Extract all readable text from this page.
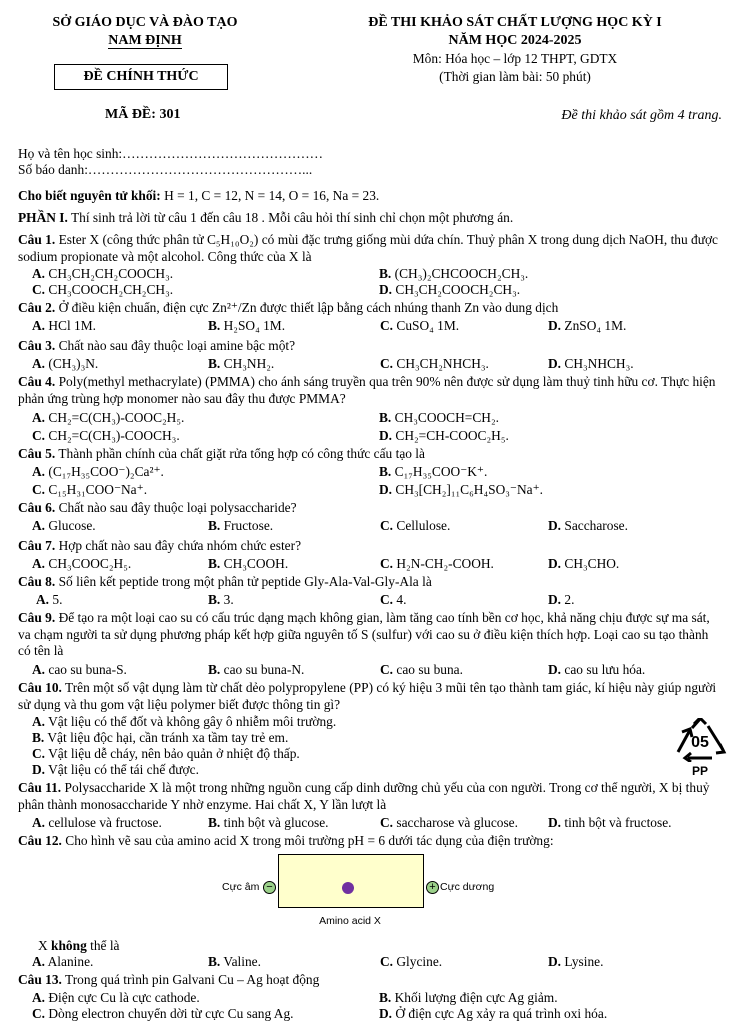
SỞ GIÁO DỤC VÀ ĐÀO TẠO
NAM ĐỊNH
ĐỀ CHÍNH THỨC
ĐỀ THI KHẢO SÁT CHẤT LƯỢNG HỌC KỲ I
NĂM HỌC 2024-2025
Môn: Hóa học – lớp 12 THPT, GDTX
(Thời gian làm bài: 50 phút)
MÃ ĐỀ: 301	Đề thi khảo sát gồm 4 trang.
Họ và tên học sinh:………………………………………
Số báo danh:…………………………………………...
Cho biết nguyên tử khối: H = 1, C = 12, N = 14, O = 16, Na = 23.
PHẦN I. Thí sinh trả lời từ câu 1 đến câu 18 . Mỗi câu hỏi thí sinh chỉ chọn một phương án.
Câu 1. Ester X (công thức phân tử C₅H₁₀O₂) có mùi đặc trưng giống mùi dứa chín. Thuỷ phân X trong dung dịch NaOH, thu được sodium propionate và một alcohol. Công thức của X là
A. CH₃CH₂CH₂COOCH₃.	B. (CH₃)₂CHCOOCH₂CH₃.
C. CH₃COOCH₂CH₂CH₃.	D. CH₃CH₂COOCH₂CH₃.
Câu 2. Ở điều kiện chuẩn, điện cực Zn²⁺/Zn được thiết lập bằng cách nhúng thanh Zn vào dung dịch
A. HCl 1M.	B. H₂SO₄ 1M.	C. CuSO₄ 1M.	D. ZnSO₄ 1M.
Câu 3. Chất nào sau đây thuộc loại amine bậc một?
A. (CH₃)₃N.	B. CH₃NH₂.	C. CH₃CH₂NHCH₃.	D. CH₃NHCH₃.
Câu 4. Poly(methyl methacrylate) (PMMA) cho ánh sáng truyền qua trên 90% nên được sử dụng làm thuỷ tinh hữu cơ. Thực hiện phản ứng trùng hợp monomer nào sau đây thu được PMMA?
A. CH₂=C(CH₃)-COOC₂H₅.	B. CH₃COOCH=CH₂.
C. CH₂=C(CH₃)-COOCH₃.	D. CH₂=CH-COOC₂H₅.
Câu 5. Thành phần chính của chất giặt rửa tổng hợp có công thức cấu tạo là
A. (C₁₇H₃₅COO⁻)₂Ca²⁺.	B. C₁₇H₃₅COO⁻K⁺.
C. C₁₅H₃₁COO⁻Na⁺.	D. CH₃[CH₂]₁₁C₆H₄SO₃⁻Na⁺.
Câu 6. Chất nào sau đây thuộc loại polysaccharide?
A. Glucose.	B. Fructose.	C. Cellulose.	D. Saccharose.
Câu 7. Hợp chất nào sau đây chứa nhóm chức ester?
A. CH₃COOC₂H₅.	B. CH₃COOH.	C. H₂N-CH₂-COOH.	D. CH₃CHO.
Câu 8. Số liên kết peptide trong một phân tử peptide Gly-Ala-Val-Gly-Ala là
A. 5.	B. 3.	C. 4.	D. 2.
Câu 9. Để tạo ra một loại cao su có cấu trúc dạng mạch không gian, làm tăng cao tính bền cơ học, khả năng chịu được sự ma sát, va chạm người ta sử dụng phương pháp kết hợp giữa nguyên tố S (sulfur) với cao su ở điều kiện thích hợp. Loại cao su tạo thành có tên là
A. cao su buna-S.	B. cao su buna-N.	C. cao su buna.	D. cao su lưu hóa.
Câu 10. Trên một số vật dụng làm từ chất dẻo polypropylene (PP) có ký hiệu 3 mũi tên tạo thành tam giác, kí hiệu này giúp người sử dụng và thu gom vật liệu polymer biết được thông tin gì?
A. Vật liệu có thể đốt và không gây ô nhiễm môi trường.
B. Vật liệu độc hại, cần tránh xa tầm tay trẻ em.
C. Vật liệu dễ cháy, nên bảo quản ở nhiệt độ thấp.
D. Vật liệu có thể tái chế được.
05
PP
Câu 11. Polysaccharide X là một trong những nguồn cung cấp dinh dưỡng chủ yếu của con người. Trong cơ thể người, X bị thuỷ phân thành monosaccharide Y nhờ enzyme. Hai chất X, Y lần lượt là
A. cellulose và fructose.	B. tinh bột và glucose.	C. saccharose và glucose. D. tinh bột và fructose.
Câu 12. Cho hình vẽ sau của amino acid X trong môi trường pH = 6 dưới tác dụng của điện trường:
Cực âm −	+ Cực dương
Amino acid X
X không thể là
A. Alanine.	B. Valine.	C. Glycine.	D. Lysine.
Câu 13. Trong quá trình pin Galvani Cu – Ag hoạt động
A. Điện cực Cu là cực cathode.	B. Khối lượng điện cực Ag giảm.
C. Dòng electron chuyển dời từ cực Cu sang Ag.	D. Ở điện cực Ag xảy ra quá trình oxi hóa.
